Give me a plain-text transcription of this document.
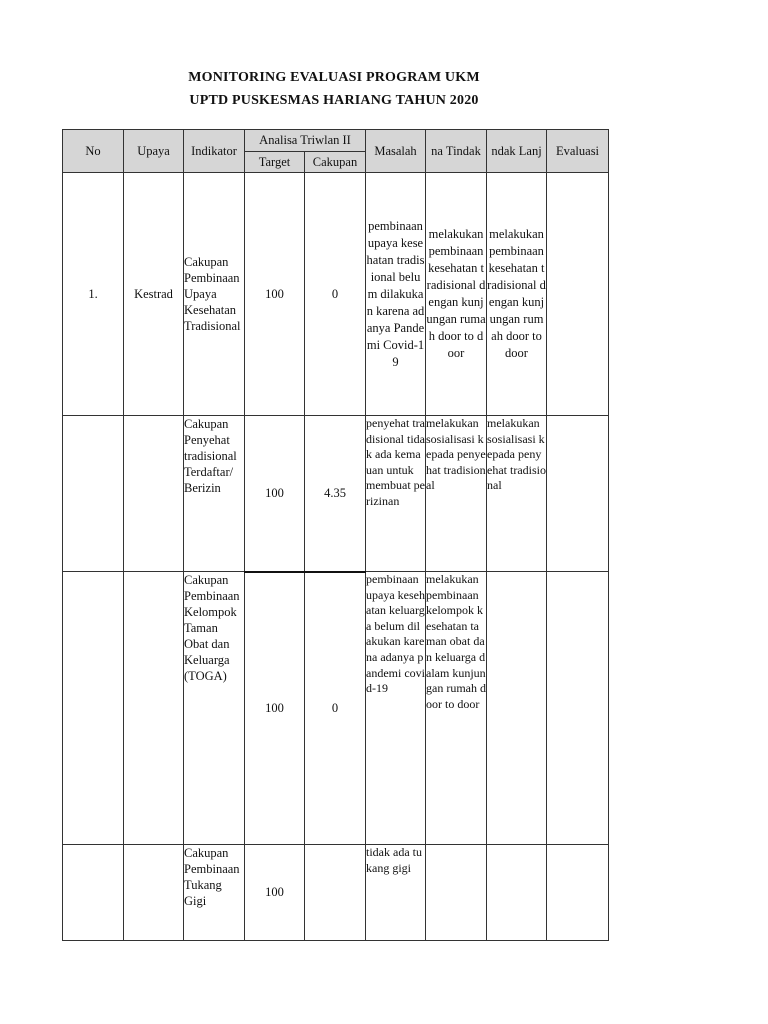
MONITORING EVALUASI PROGRAM UKM
UPTD PUSKESMAS HARIANG TAHUN 2020
No	Upaya	Indikator	Analisa Triwlan II		Masalah	na Tindak	ndak Lanj	Evaluasi
			Target	Cakupan				
1.	Kestrad	Cakupan Pembinaan Upaya Kesehatan Tradisional	100	0	pembinaan upaya kesehatan tradisional belum dilakukan karena adanya Pandemi Covid-19	melakukan pembinaan kesehatan tradisional dengan kunjungan rumah door to door	melakukan pembinaan kesehatan tradisional dengan kunjungan rumah door to door	
		Cakupan Penyehat tradisional Terdaftar/ Berizin	100	4.35	penyehat tradisional tidak ada kemauan untuk membuat perizinan	melakukan sosialisasi kepada penyehat tradisional	melakukan sosialisasi kepada penyehat tradisional	
		Cakupan Pembinaan Kelompok Taman Obat dan Keluarga (TOGA)	100	0	pembinaan upaya kesehatan keluarga belum dilakukan karena adanya pandemi covid-19	melakukan pembinaan kelompok kesehatan taman obat dan keluarga dalam kunjungan rumah door to door		
		Cakupan Pembinaan Tukang Gigi	100		tidak ada tukang gigi			
